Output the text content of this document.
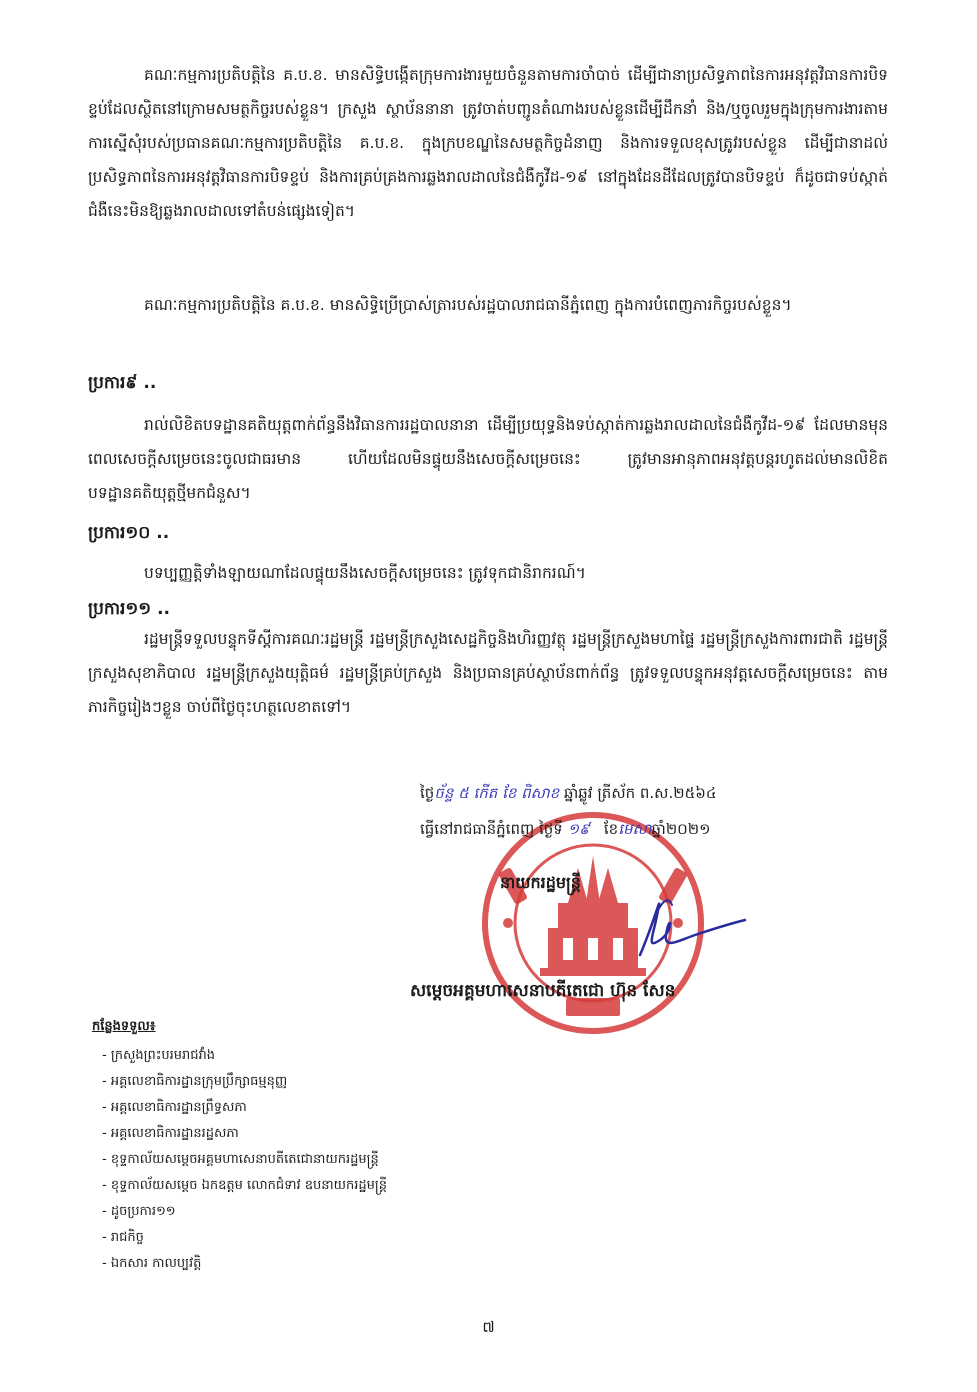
គណៈកម្មការប្រតិបត្តិនៃ គ.ប.ខ. មានសិទ្ធិបង្កើតក្រុមការងារមួយចំនួនតាមការចាំបាច់ ដើម្បីជានាប្រសិទ្ធភាពនៃការអនុវត្តវិធានការបិទខ្ទប់ដែលស្ថិតនៅក្រោមសមត្ថកិច្ចរបស់ខ្លួន។ ក្រសួង ស្ថាប័ននានា ត្រូវចាត់បញ្ជូនតំណាងរបស់ខ្លួនដើម្បីដឹកនាំ និង/ឬចូលរួមក្នុងក្រុមការងារតាមការស្នើសុំរបស់ប្រធានគណៈកម្មការប្រតិបត្តិនៃ គ.ប.ខ. ក្នុងក្របខណ្ឌនៃសមត្ថកិច្ចដំនាញ និងការទទួលខុសត្រូវរបស់ខ្លួន ដើម្បីជានាដល់ប្រសិទ្ធភាពនៃការអនុវត្តវិធានការបិទខ្ទប់ និងការគ្រប់គ្រងការឆ្លងរាលដាលនៃជំងឺកូវីដ-១៩ នៅក្នុងដែនដីដែលត្រូវបានបិទខ្ទប់ ក៏ដូចជាទប់ស្កាត់ជំងឺនេះមិនឱ្យឆ្លងរាលដាលទៅតំបន់ផ្សេងទៀត។

គណៈកម្មការប្រតិបត្តិនៃ គ.ប.ខ. មានសិទ្ធិប្រើប្រាស់ត្រារបស់រដ្ឋបាលរាជធានីភ្នំពេញ ក្នុងការបំពេញភារកិច្ចរបស់ខ្លួន។

ប្រការ៩ ..

រាល់លិខិតបទដ្ឋានគតិយុត្តពាក់ព័ន្ធនឹងវិធានការរដ្ឋបាលនានា ដើម្បីប្រយុទ្ធនិងទប់ស្កាត់ការឆ្លងរាលដាលនៃជំងឺកូវីដ-១៩ ដែលមានមុនពេលសេចក្តីសម្រេចនេះចូលជាធរមាន ហើយដែលមិនផ្ទុយនឹងសេចក្តីសម្រេចនេះ ត្រូវមានអានុភាពអនុវត្តបន្តរហូតដល់មានលិខិតបទដ្ឋានគតិយុត្តថ្មីមកជំនួស។

ប្រការ១០ ..

បទប្បញ្ញត្តិទាំងឡាយណាដែលផ្ទុយនឹងសេចក្តីសម្រេចនេះ ត្រូវទុកជានិរាករណ៍។

ប្រការ១១ ..

រដ្ឋមន្ត្រីទទួលបន្ទុកទីស្តីការគណៈរដ្ឋមន្ត្រី រដ្ឋមន្ត្រីក្រសួងសេដ្ឋកិច្ចនិងហិរញ្ញវត្ថុ រដ្ឋមន្ត្រីក្រសួងមហាផ្ទៃ រដ្ឋមន្ត្រីក្រសួងការពារជាតិ រដ្ឋមន្ត្រីក្រសួងសុខាភិបាល រដ្ឋមន្ត្រីក្រសួងយុត្តិធម៌ រដ្ឋមន្ត្រីគ្រប់ក្រសួង និងប្រធានគ្រប់ស្ថាប័នពាក់ព័ន្ធ ត្រូវទទួលបន្ទុកអនុវត្តសេចក្តីសម្រេចនេះ តាមភារកិច្ចរៀងៗខ្លួន ចាប់ពីថ្ងៃចុះហត្ថលេខាតទៅ។

ថ្ងៃច័ន្ទ ៥ កើត ខែ ពិសាខ ឆ្នាំឆ្លូវ ត្រីស័ក ព.ស.២៥៦៤
ធ្វើនៅរាជធានីភ្នំពេញ ថ្ងៃទី ១៩ ខែមេសាឆ្នាំ២០២១
នាយករដ្ឋមន្ត្រី
សម្តេចអគ្គមហាសេនាបតីតេជោ ហ៊ុន សែន

កន្លែងទទួល៖

- ក្រសួងព្រះបរមរាជវាំង
- អគ្គលេខាធិការដ្ឋានក្រុមប្រឹក្សាធម្មនុញ្ញ
- អគ្គលេខាធិការដ្ឋានព្រឹទ្ធសភា
- អគ្គលេខាធិការដ្ឋានរដ្ឋសភា
- ខុទ្ទកាល័យសម្តេចអគ្គមហាសេនាបតីតេជោនាយករដ្ឋមន្ត្រី
- ខុទ្ទកាល័យសម្តេច ឯកឧត្តម លោកជំទាវ ឧបនាយករដ្ឋមន្ត្រី
- ដូចប្រការ១១
- រាជកិច្ច
- ឯកសារ កាលប្បវត្តិ
៧
